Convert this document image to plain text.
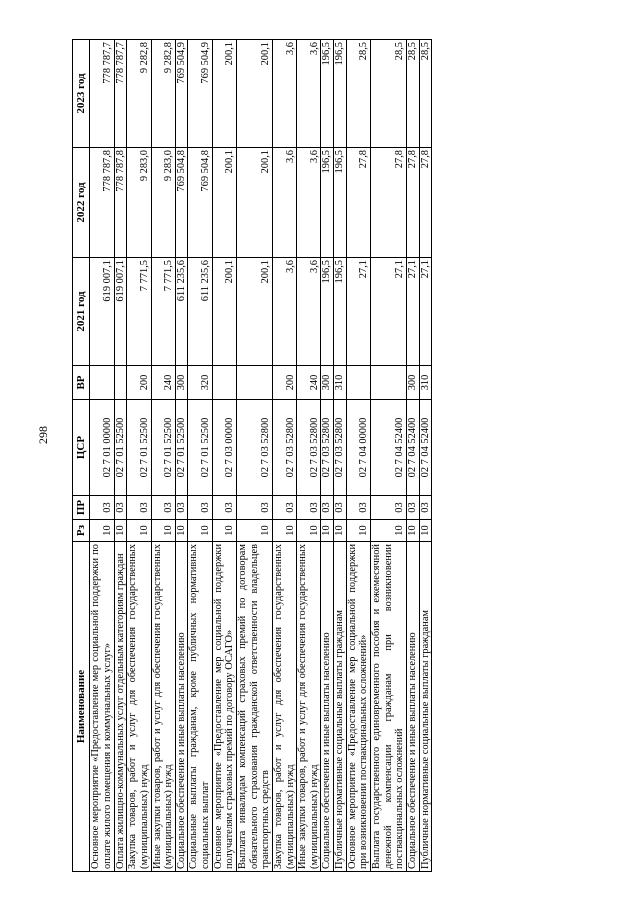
298
Наименование	Рз	ПР	ЦСР	ВР	2021 год	2022 год	2023 год
Основное мероприятие «Предоставление мер социальной поддержки по оплате жилого помещения и коммунальных услуг»	10	03	02 7 01 00000		619 007,1	778 787,8	778 787,7
Оплата жилищно-коммунальных услуг отдельным категориям граждан	10	03	02 7 01 52500		619 007,1	778 787,8	778 787,7
Закупка товаров, работ и услуг для обеспечения государственных (муниципальных) нужд	10	03	02 7 01 52500	200	7 771,5	9 283,0	9 282,8
Иные закупки товаров, работ и услуг для обеспечения государственных (муниципальных) нужд	10	03	02 7 01 52500	240	7 771,5	9 283,0	9 282,8
Социальное обеспечение и иные выплаты населению	10	03	02 7 01 52500	300	611 235,6	769 504,8	769 504,9
Социальные выплаты гражданам, кроме публичных нормативных социальных выплат	10	03	02 7 01 52500	320	611 235,6	769 504,8	769 504,9
Основное мероприятие «Предоставление мер социальной поддержки получателям страховых премий по договору ОСАГО»	10	03	02 7 03 00000		200,1	200,1	200,1
Выплата инвалидам компенсаций страховых премий по договорам обязательного страхования гражданской ответственности владельцев транспортных средств	10	03	02 7 03 52800		200,1	200,1	200,1
Закупка товаров, работ и услуг для обеспечения государственных (муниципальных) нужд	10	03	02 7 03 52800	200	3,6	3,6	3,6
Иные закупки товаров, работ и услуг для обеспечения государственных (муниципальных) нужд	10	03	02 7 03 52800	240	3,6	3,6	3,6
Социальное обеспечение и иные выплаты населению	10	03	02 7 03 52800	300	196,5	196,5	196,5
Публичные нормативные социальные выплаты гражданам	10	03	02 7 03 52800	310	196,5	196,5	196,5
Основное мероприятие «Предоставление мер социальной поддержки при возникновении поствакцинальных осложнений»	10	03	02 7 04 00000		27,1	27,8	28,5
Выплата государственного единовременного пособия и ежемесячной денежной компенсации гражданам при возникновении поствакцинальных осложнений	10	03	02 7 04 52400		27,1	27,8	28,5
Социальное обеспечение и иные выплаты населению	10	03	02 7 04 52400	300	27,1	27,8	28,5
Публичные нормативные социальные выплаты гражданам	10	03	02 7 04 52400	310	27,1	27,8	28,5
